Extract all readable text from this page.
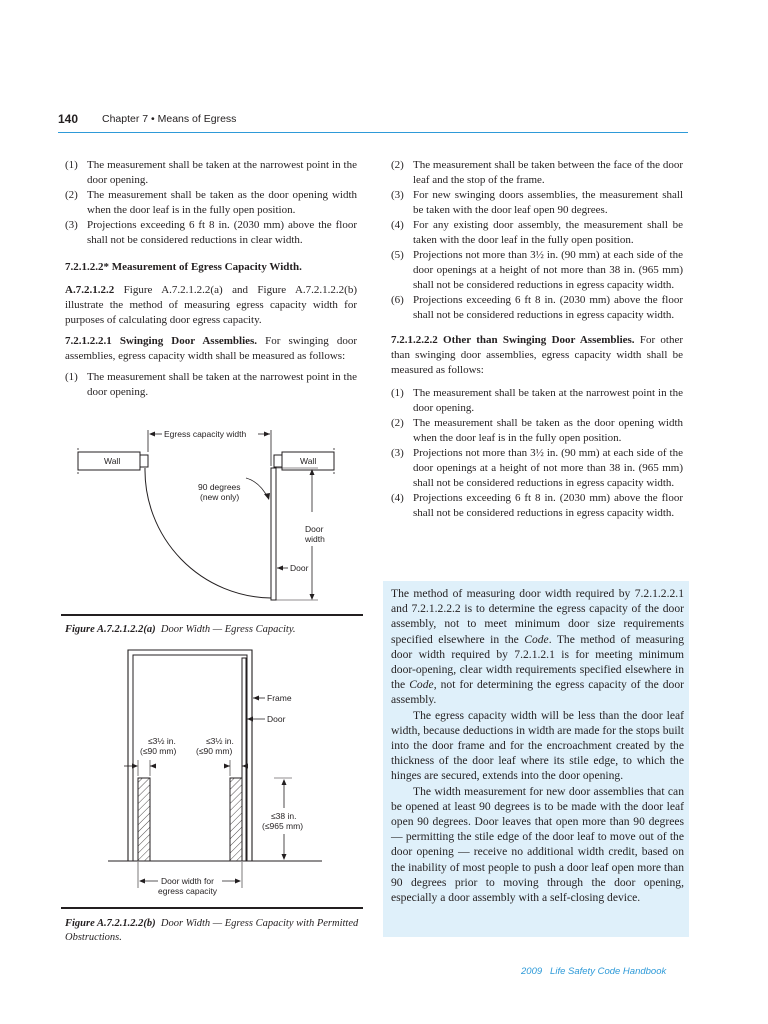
140 Chapter 7 • Means of Egress
(1) The measurement shall be taken at the narrowest point in the door opening.
(2) The measurement shall be taken as the door opening width when the door leaf is in the fully open position.
(3) Projections exceeding 6 ft 8 in. (2030 mm) above the floor shall not be considered reductions in clear width.

7.2.1.2.2* Measurement of Egress Capacity Width.

A.7.2.1.2.2 Figure A.7.2.1.2.2(a) and Figure A.7.2.1.2.2(b) illustrate the method of measuring egress capacity width for purposes of calculating door egress capacity.

7.2.1.2.2.1 Swinging Door Assemblies. For swinging door assemblies, egress capacity width shall be measured as follows:

(1) The measurement shall be taken at the narrowest point in the door opening.
Egress capacity width
Wall	Wall
90 degrees
(new only)
Door
width
Door
Figure A.7.2.1.2.2(a) Door Width — Egress Capacity.
Frame
Door
≤3½ in.
(≤90 mm)
≤3½ in.
(≤90 mm)
≤38 in.
(≤965 mm)
Door width for
egress capacity
Figure A.7.2.1.2.2(b) Door Width — Egress Capacity with Permitted Obstructions.
(2) The measurement shall be taken between the face of the door leaf and the stop of the frame.
(3) For new swinging doors assemblies, the measurement shall be taken with the door leaf open 90 degrees.
(4) For any existing door assembly, the measurement shall be taken with the door leaf in the fully open position.
(5) Projections not more than 3½ in. (90 mm) at each side of the door openings at a height of not more than 38 in. (965 mm) shall not be considered reductions in egress capacity width.
(6) Projections exceeding 6 ft 8 in. (2030 mm) above the floor shall not be considered reductions in egress capacity width.

7.2.1.2.2.2 Other than Swinging Door Assemblies. For other than swinging door assemblies, egress capacity width shall be measured as follows:

(1) The measurement shall be taken at the narrowest point in the door opening.
(2) The measurement shall be taken as the door opening width when the door leaf is in the fully open position.
(3) Projections not more than 3½ in. (90 mm) at each side of the door openings at a height of not more than 38 in. (965 mm) shall not be considered reductions in egress capacity width.
(4) Projections exceeding 6 ft 8 in. (2030 mm) above the floor shall not be considered reductions in egress capacity width.

The method of measuring door width required by 7.2.1.2.2.1 and 7.2.1.2.2.2 is to determine the egress capacity of the door assembly, not to meet minimum door size requirements specified elsewhere in the Code. The method of measuring door width required by 7.2.1.2.1 is for meeting minimum door-opening, clear width requirements specified elsewhere in the Code, not for determining the egress capacity of the door assembly.

The egress capacity width will be less than the door leaf width, because deductions in width are made for the stops built into the door frame and for the encroachment created by the thickness of the door leaf where its stile edge, to which the hinges are secured, extends into the door opening.

The width measurement for new door assemblies that can be opened at least 90 degrees is to be made with the door leaf open 90 degrees. Door leaves that open more than 90 degrees — permitting the stile edge of the door leaf to move out of the door opening — receive no additional width credit, based on the inability of most people to push a door leaf open more than 90 degrees prior to moving through the door opening, especially a door assembly with a self-closing device.

2009   Life Safety Code Handbook
